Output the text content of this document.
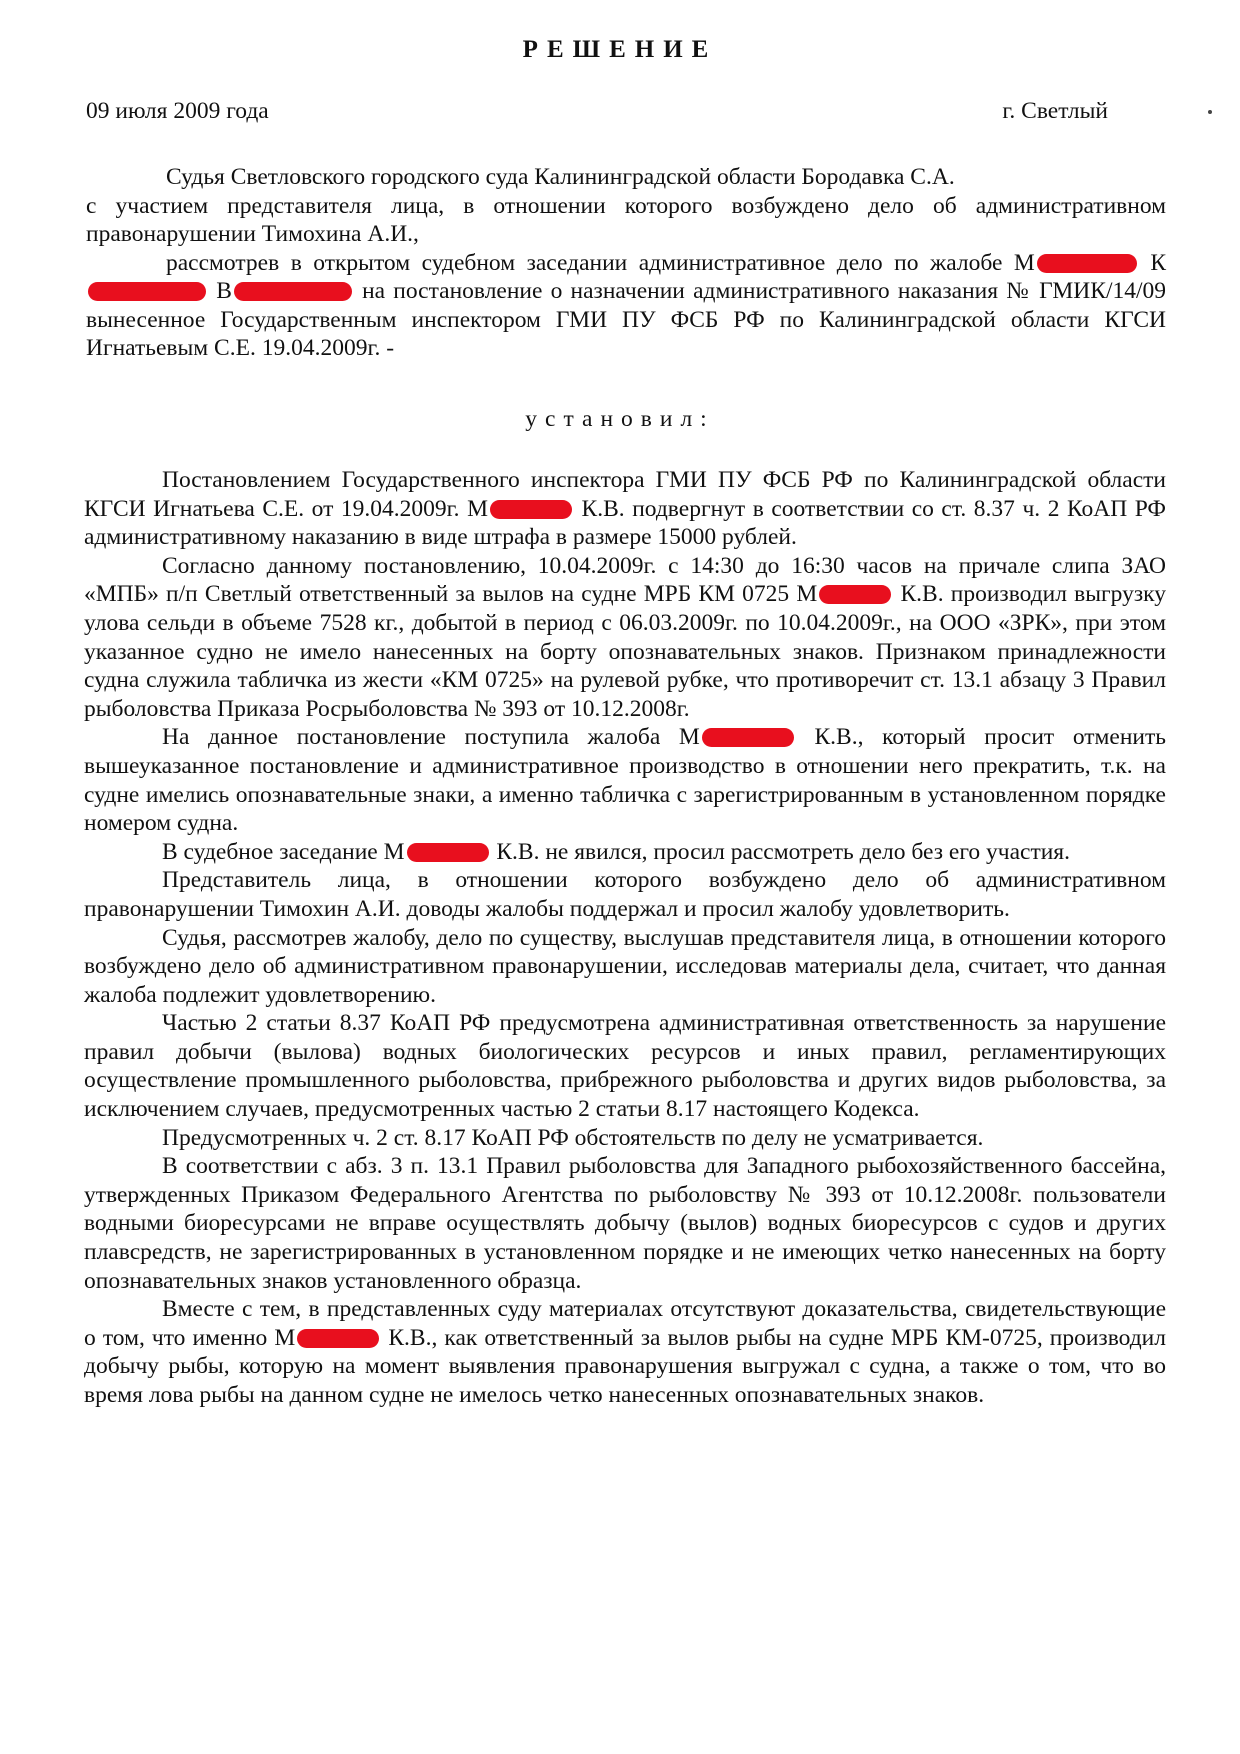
РЕШЕНИЕ
09 июля 2009 года	г. Светлый

Судья Светловского городского суда Калининградской области Бородавка С.А.

с участием представителя лица, в отношении которого возбуждено дело об административном правонарушении Тимохина А.И.,

рассмотрев в открытом судебном заседании административное дело по жалобе М	К В	на постановление о назначении административного наказания № ГМИК/14/09 вынесенное Государственным инспектором ГМИ ПУ ФСБ РФ по Калининградской области КГСИ Игнатьевым С.Е. 19.04.2009г. -

установил:

Постановлением Государственного инспектора ГМИ ПУ ФСБ РФ по Калининградской области КГСИ Игнатьева С.Е. от 19.04.2009г. М	К.В. подвергнут в соответствии со ст. 8.37 ч. 2 КоАП РФ административному наказанию в виде штрафа в размере 15000 рублей.

Согласно данному постановлению, 10.04.2009г. с 14:30 до 16:30 часов на причале слипа ЗАО «МПБ» п/п Светлый ответственный за вылов на судне МРБ КМ 0725 М	К.В. производил выгрузку улова сельди в объеме 7528 кг., добытой в период с 06.03.2009г. по 10.04.2009г., на ООО «ЗРК», при этом указанное судно не имело нанесенных на борту опознавательных знаков. Признаком принадлежности судна служила табличка из жести «КМ 0725» на рулевой рубке, что противоречит ст. 13.1 абзацу 3 Правил рыболовства Приказа Росрыболовства № 393 от 10.12.2008г.

На данное постановление поступила жалоба М	К.В., который просит отменить вышеуказанное постановление и административное производство в отношении него прекратить, т.к. на судне имелись опознавательные знаки, а именно табличка с зарегистрированным в установленном порядке номером судна.

В судебное заседание М	К.В. не явился, просил рассмотреть дело без его участия.

Представитель лица, в отношении которого возбуждено дело об административном правонарушении Тимохин А.И. доводы жалобы поддержал и просил жалобу удовлетворить.

Судья, рассмотрев жалобу, дело по существу, выслушав представителя лица, в отношении которого возбуждено дело об административном правонарушении, исследовав материалы дела, считает, что данная жалоба подлежит удовлетворению.

Частью 2 статьи 8.37 КоАП РФ предусмотрена административная ответственность за нарушение правил добычи (вылова) водных биологических ресурсов и иных правил, регламентирующих осуществление промышленного рыболовства, прибрежного рыболовства и других видов рыболовства, за исключением случаев, предусмотренных частью 2 статьи 8.17 настоящего Кодекса.

Предусмотренных ч. 2 ст. 8.17 КоАП РФ обстоятельств по делу не усматривается.

В соответствии с абз. 3 п. 13.1 Правил рыболовства для Западного рыбохозяйственного бассейна, утвержденных Приказом Федерального Агентства по рыболовству № 393 от 10.12.2008г. пользователи водными биоресурсами не вправе осуществлять добычу (вылов) водных биоресурсов с судов и других плавсредств, не зарегистрированных в установленном порядке и не имеющих четко нанесенных на борту опознавательных знаков установленного образца.

Вместе с тем, в представленных суду материалах отсутствуют доказательства, свидетельствующие о том, что именно М	К.В., как ответственный за вылов рыбы на судне МРБ КМ-0725, производил добычу рыбы, которую на момент выявления правонарушения выгружал с судна, а также о том, что во время лова рыбы на данном судне не имелось четко нанесенных опознавательных знаков.
